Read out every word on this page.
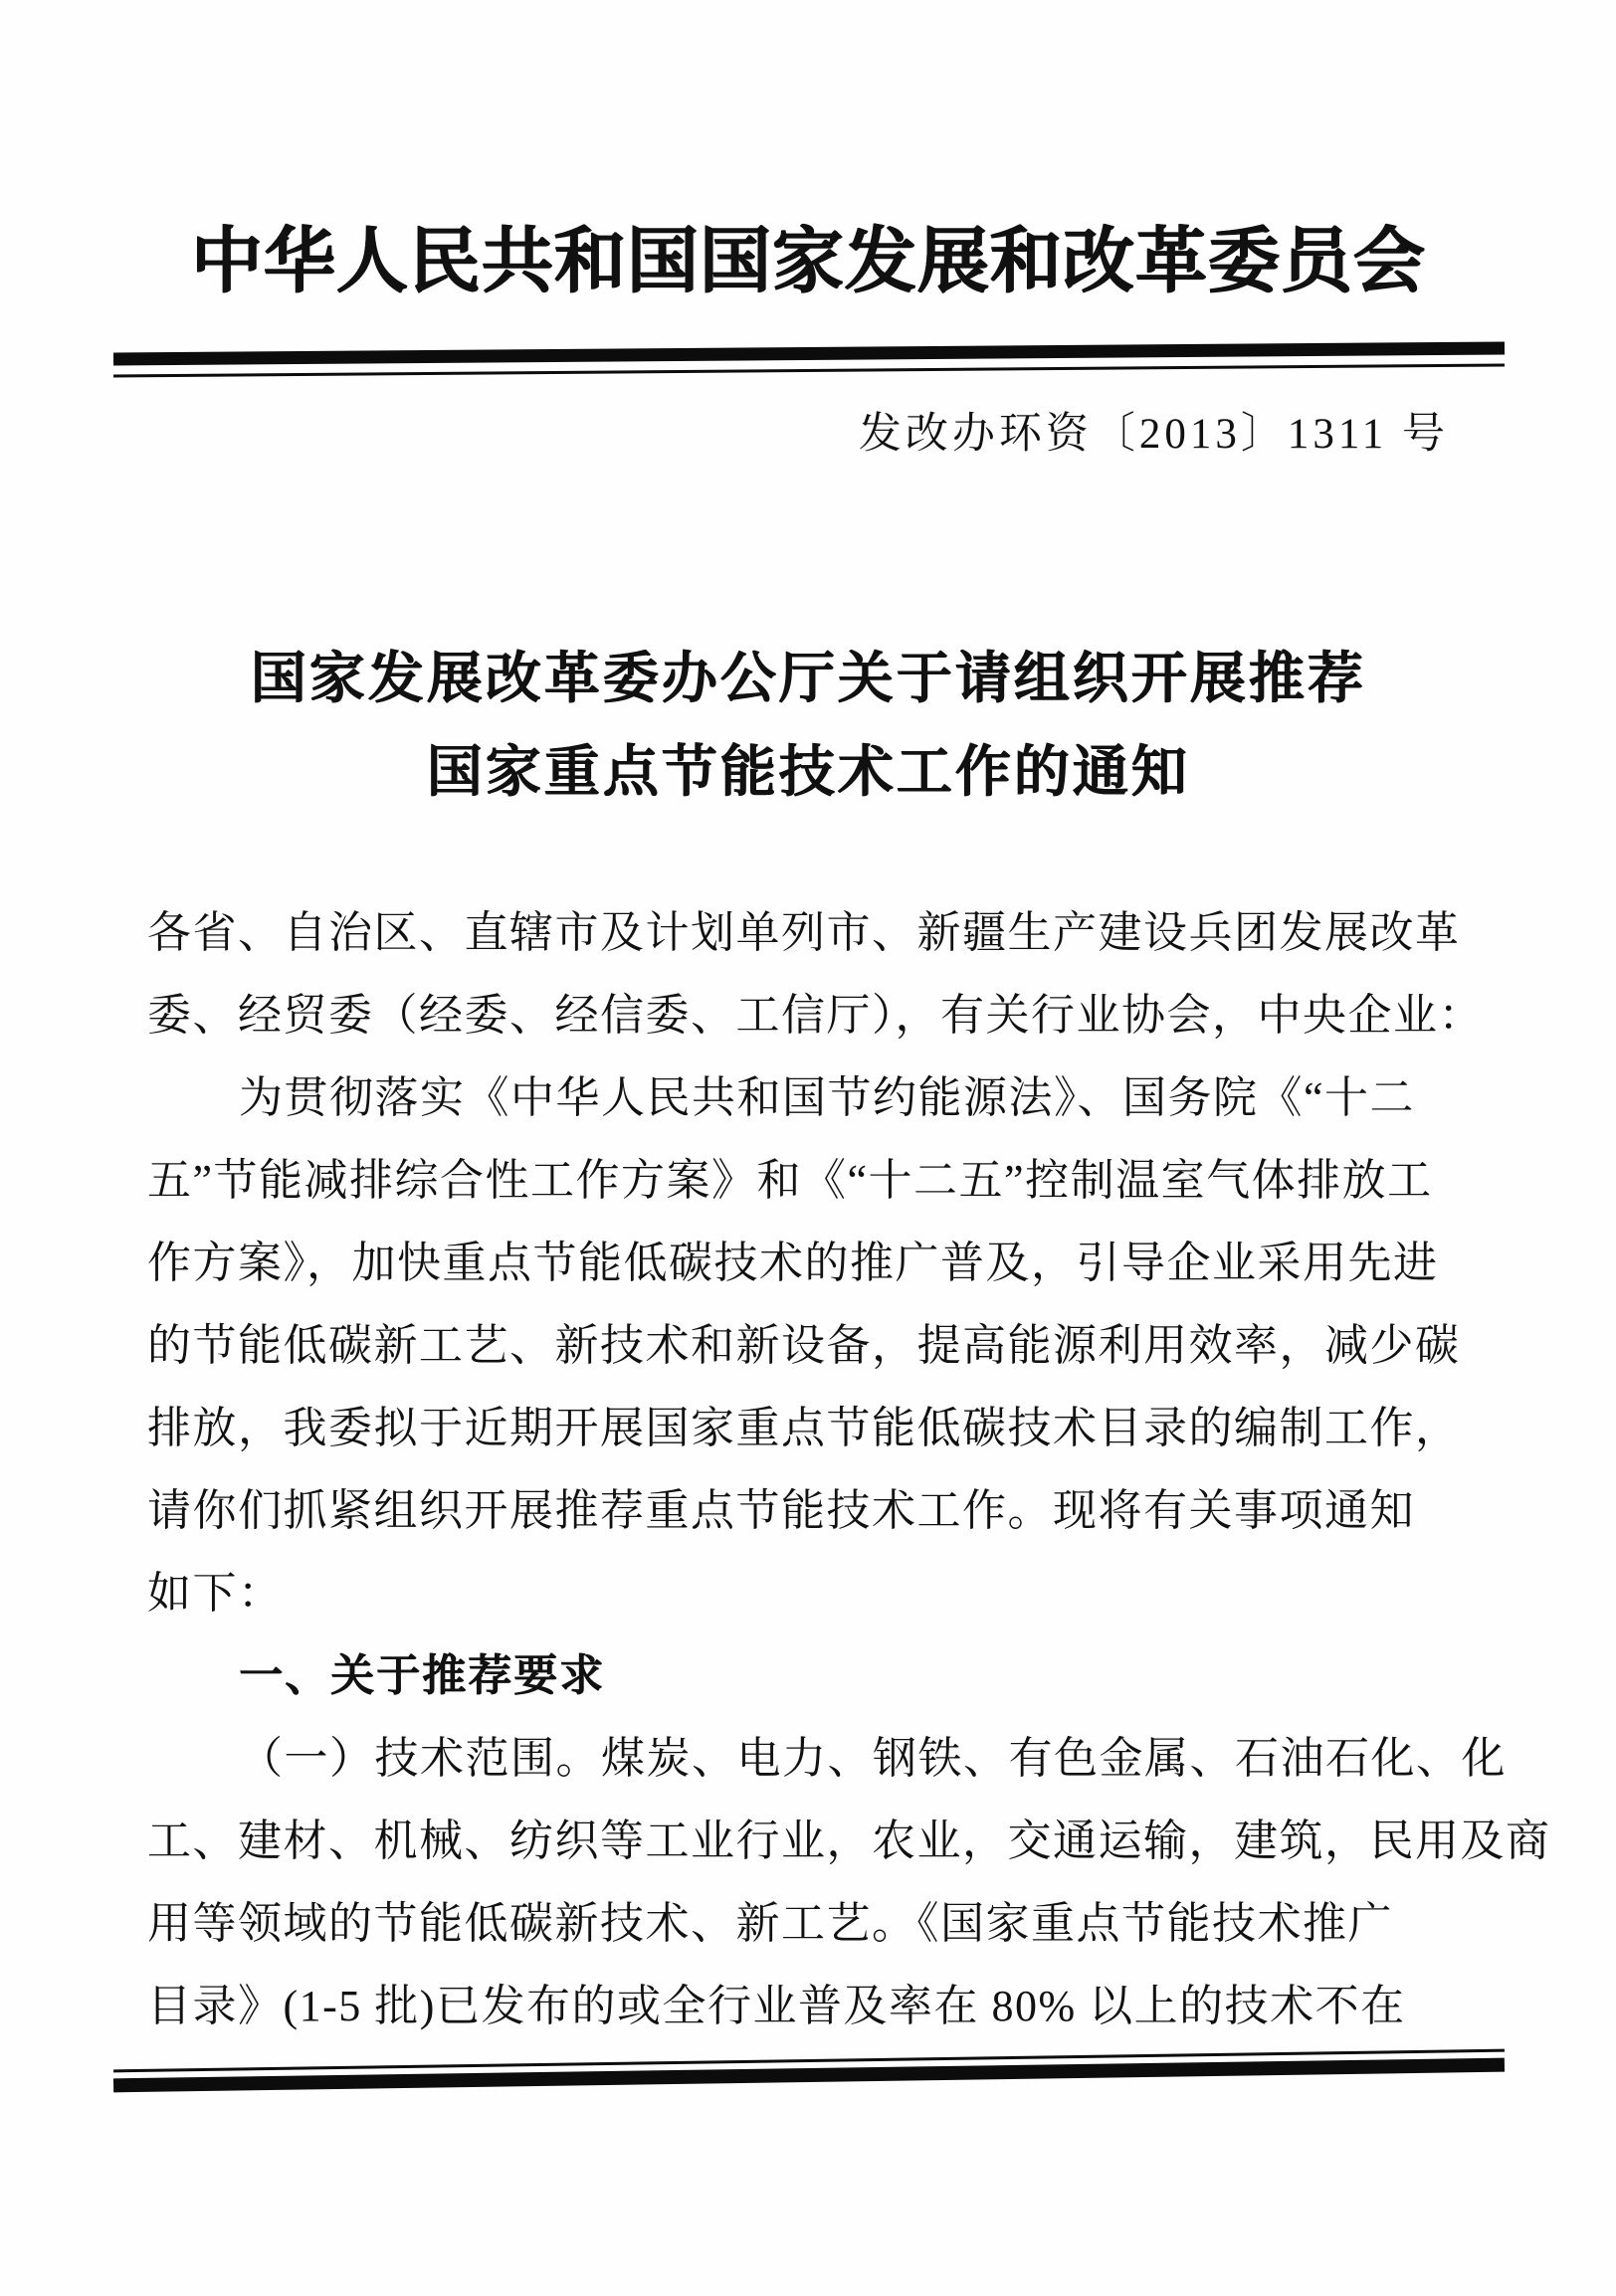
中华人民共和国国家发展和改革委员会
发改办环资〔2013〕1311 号
国家发展改革委办公厅关于请组织开展推荐
国家重点节能技术工作的通知
各省、自治区、直辖市及计划单列市、新疆生产建设兵团发展改革
委、经贸委（经委、经信委、工信厅），有关行业协会，中央企业：
为贯彻落实《中华人民共和国节约能源法》、国务院《“十二
五”节能减排综合性工作方案》和《“十二五”控制温室气体排放工
作方案》，加快重点节能低碳技术的推广普及，引导企业采用先进
的节能低碳新工艺、新技术和新设备，提高能源利用效率，减少碳
排放，我委拟于近期开展国家重点节能低碳技术目录的编制工作，
请你们抓紧组织开展推荐重点节能技术工作。现将有关事项通知
如下：
一、关于推荐要求
（一）技术范围。煤炭、电力、钢铁、有色金属、石油石化、化
工、建材、机械、纺织等工业行业，农业，交通运输，建筑，民用及商
用等领域的节能低碳新技术、新工艺。《国家重点节能技术推广
目录》(1-5 批)已发布的或全行业普及率在 80% 以上的技术不在
